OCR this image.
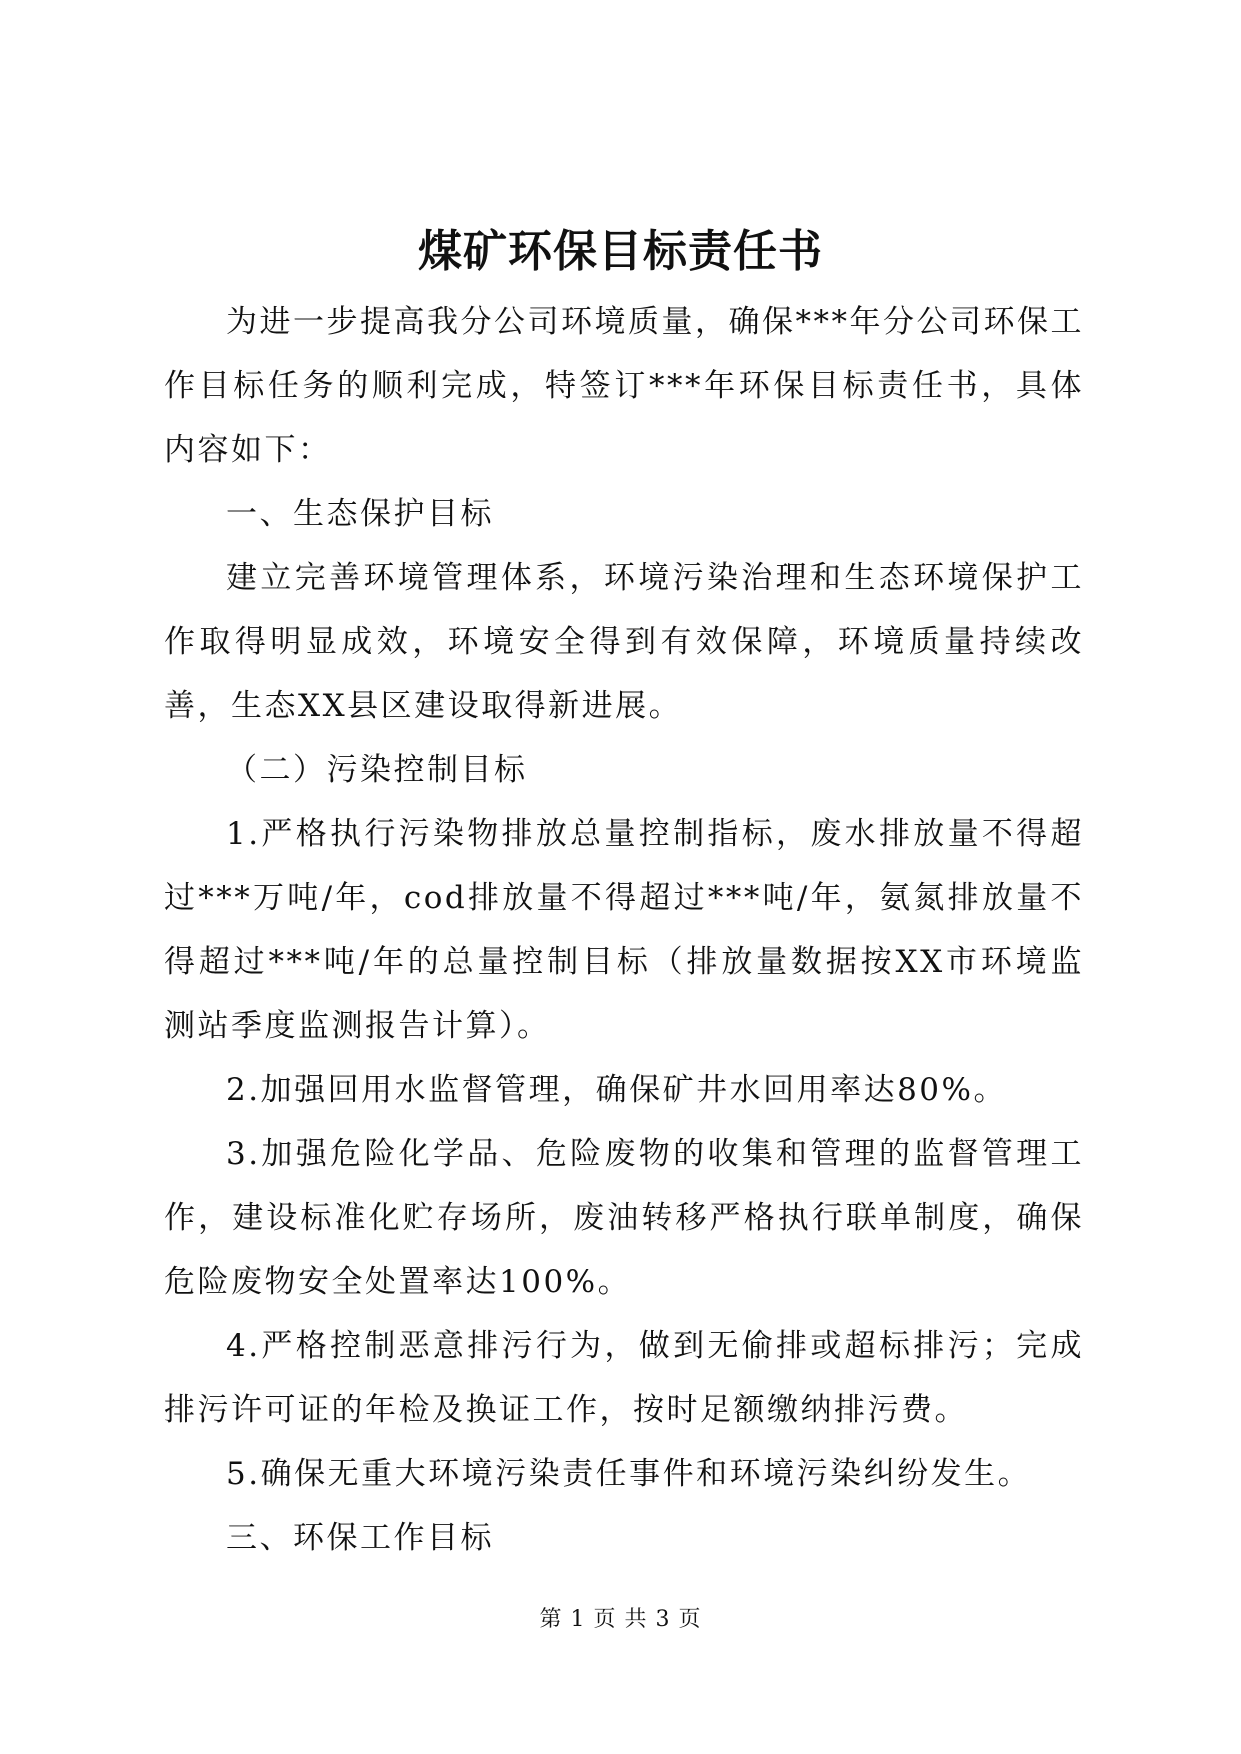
煤矿环保目标责任书

为进一步提高我分公司环境质量，确保***年分公司环保工作目标任务的顺利完成，特签订***年环保目标责任书，具体内容如下：

一、生态保护目标

建立完善环境管理体系，环境污染治理和生态环境保护工作取得明显成效，环境安全得到有效保障，环境质量持续改善，生态XX县区建设取得新进展。

（二）污染控制目标

1.严格执行污染物排放总量控制指标，废水排放量不得超过***万吨/年，cod排放量不得超过***吨/年，氨氮排放量不得超过***吨/年的总量控制目标（排放量数据按XX市环境监测站季度监测报告计算）。

2.加强回用水监督管理，确保矿井水回用率达80%。

3.加强危险化学品、危险废物的收集和管理的监督管理工作，建设标准化贮存场所，废油转移严格执行联单制度，确保危险废物安全处置率达100%。

4.严格控制恶意排污行为，做到无偷排或超标排污；完成排污许可证的年检及换证工作，按时足额缴纳排污费。

5.确保无重大环境污染责任事件和环境污染纠纷发生。

三、环保工作目标

第 1 页 共 3 页
